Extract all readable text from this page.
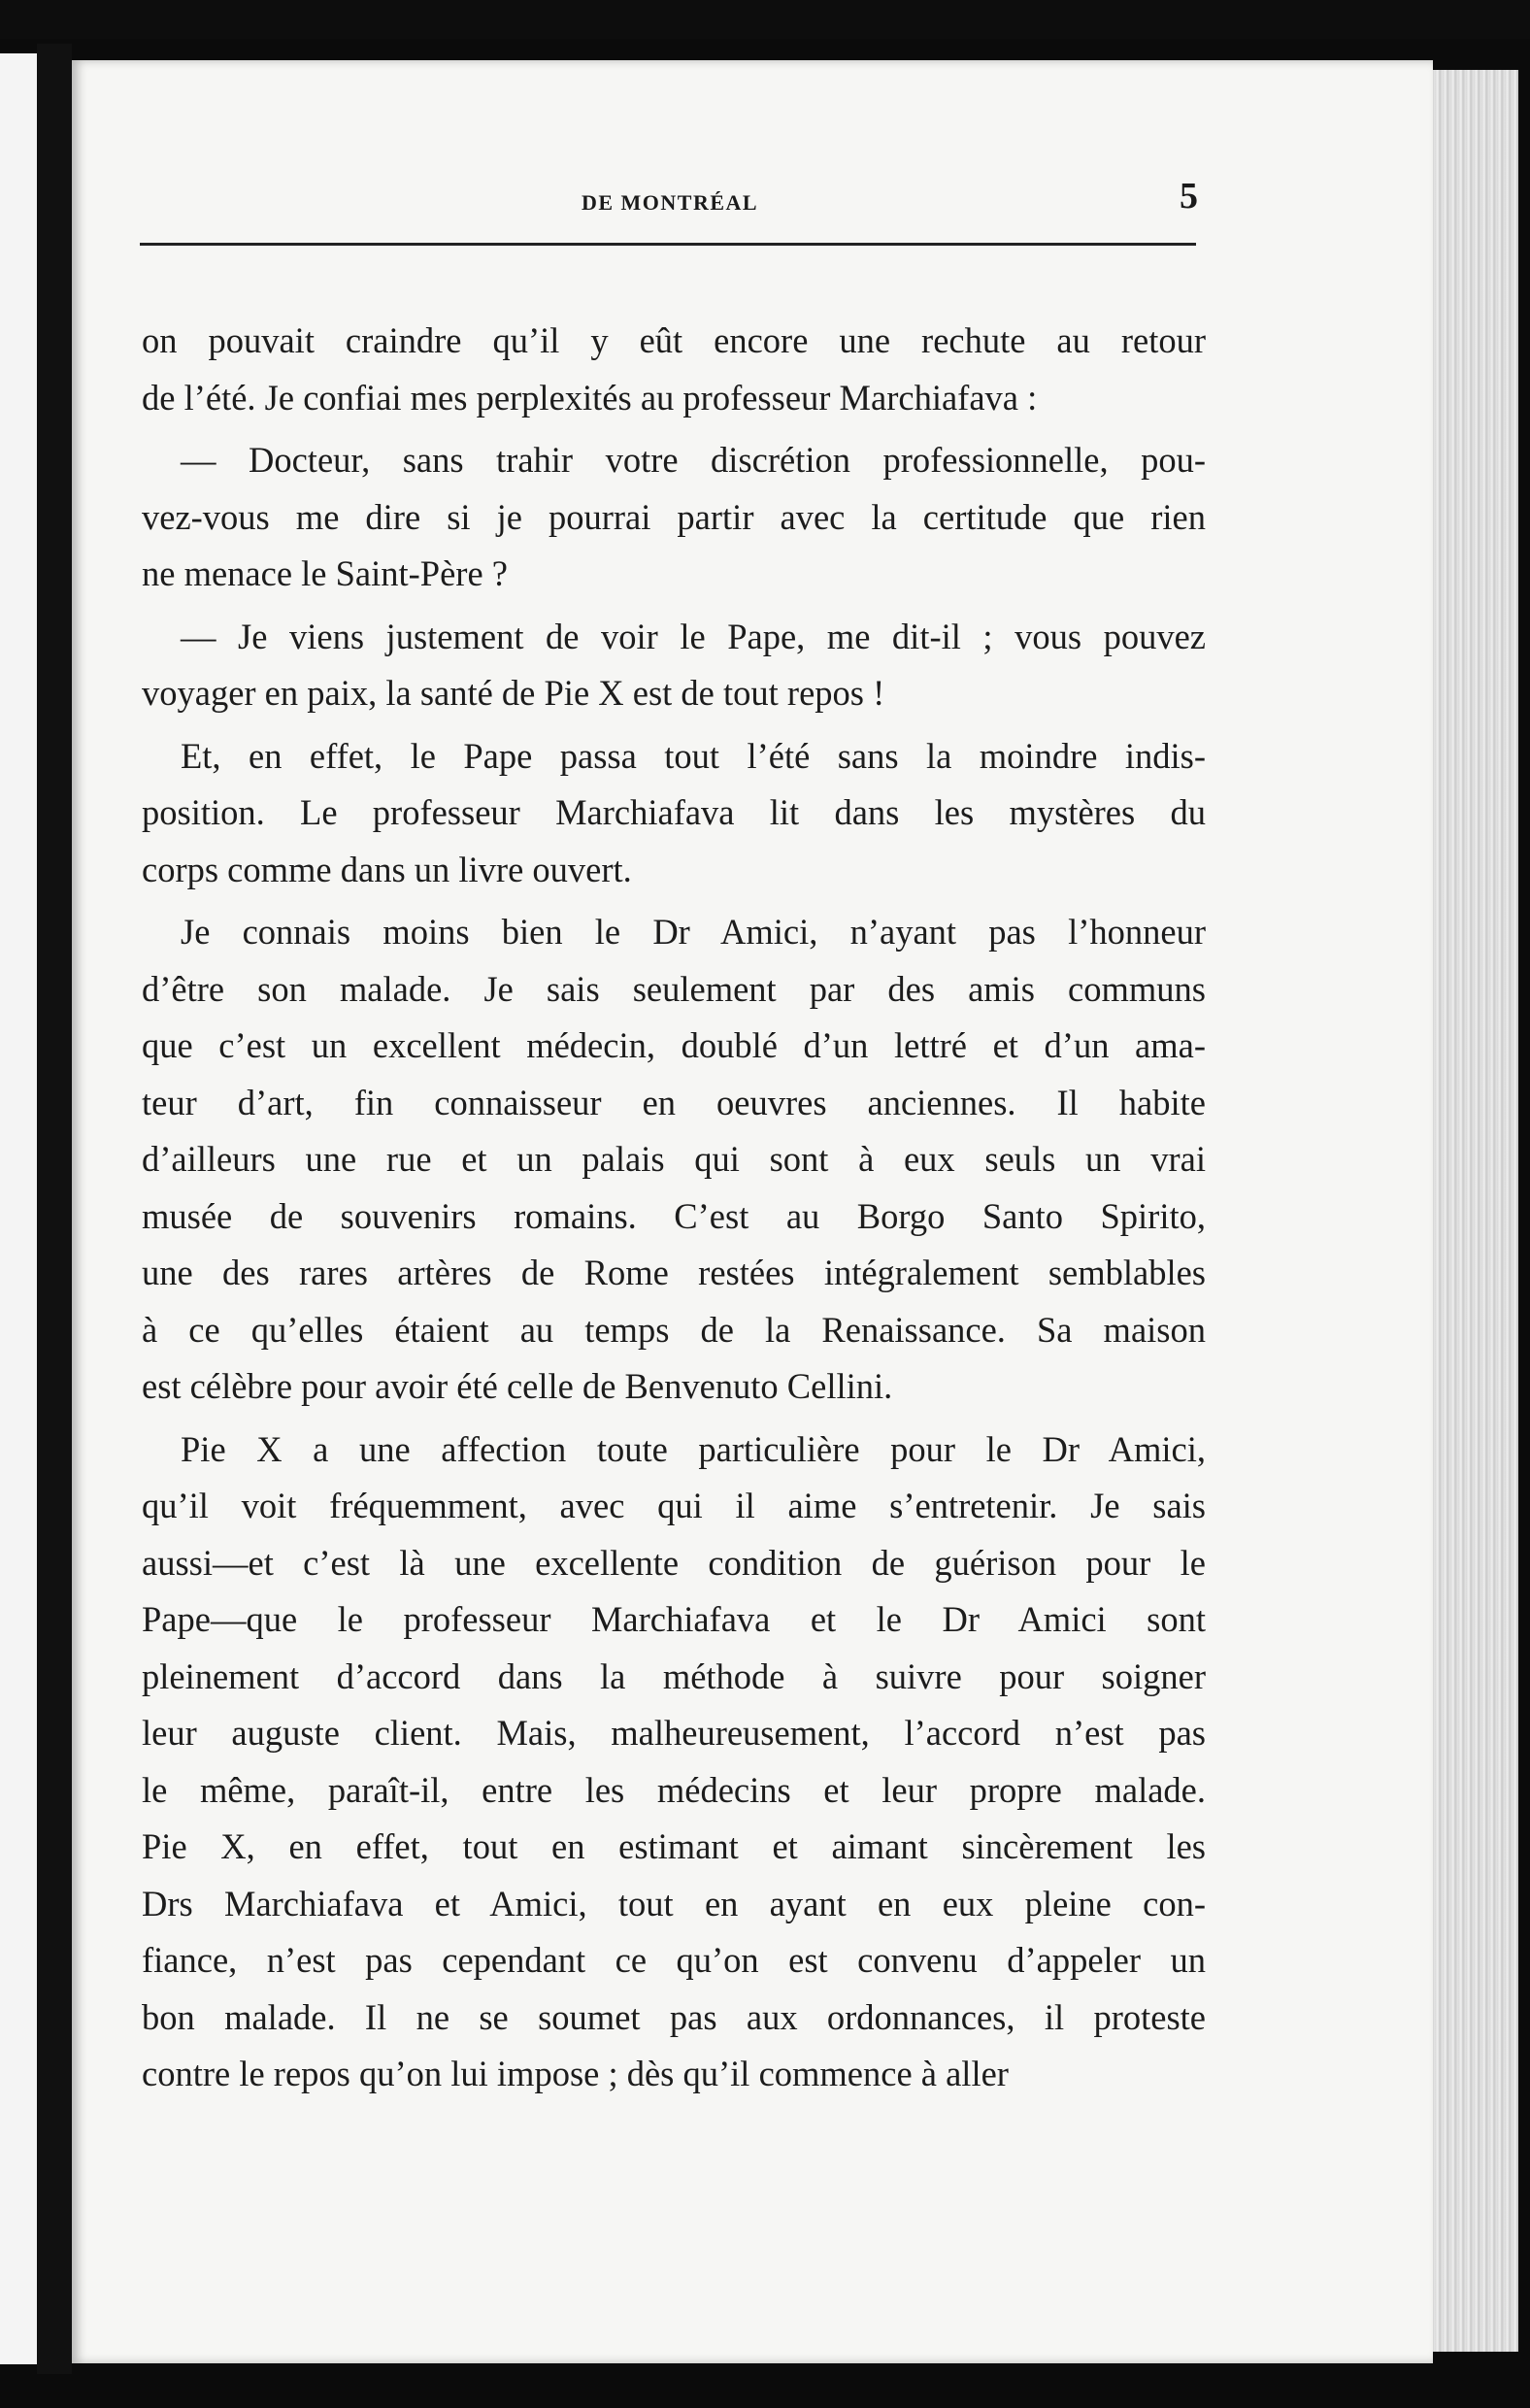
DE MONTRÉAL	5
on pouvait craindre qu’il y eût encore une rechute au retour
de l’été. Je confiai mes perplexités au professeur Marchiafava :
— Docteur, sans trahir votre discrétion professionnelle, pou-
vez-vous me dire si je pourrai partir avec la certitude que rien
ne menace le Saint-Père ?
— Je viens justement de voir le Pape, me dit-il ; vous pouvez
voyager en paix, la santé de Pie X est de tout repos !
Et, en effet, le Pape passa tout l’été sans la moindre indis-
position. Le professeur Marchiafava lit dans les mystères du
corps comme dans un livre ouvert.
Je connais moins bien le Dr Amici, n’ayant pas l’honneur
d’être son malade. Je sais seulement par des amis communs
que c’est un excellent médecin, doublé d’un lettré et d’un ama-
teur d’art, fin connaisseur en oeuvres anciennes. Il habite
d’ailleurs une rue et un palais qui sont à eux seuls un vrai
musée de souvenirs romains. C’est au Borgo Santo Spirito,
une des rares artères de Rome restées intégralement semblables
à ce qu’elles étaient au temps de la Renaissance. Sa maison
est célèbre pour avoir été celle de Benvenuto Cellini.
Pie X a une affection toute particulière pour le Dr Amici,
qu’il voit fréquemment, avec qui il aime s’entretenir. Je sais
aussi—et c’est là une excellente condition de guérison pour le
Pape—que le professeur Marchiafava et le Dr Amici sont
pleinement d’accord dans la méthode à suivre pour soigner
leur auguste client. Mais, malheureusement, l’accord n’est pas
le même, paraît-il, entre les médecins et leur propre malade.
Pie X, en effet, tout en estimant et aimant sincèrement les
Drs Marchiafava et Amici, tout en ayant en eux pleine con-
fiance, n’est pas cependant ce qu’on est convenu d’appeler un
bon malade. Il ne se soumet pas aux ordonnances, il proteste
contre le repos qu’on lui impose ; dès qu’il commence à aller
